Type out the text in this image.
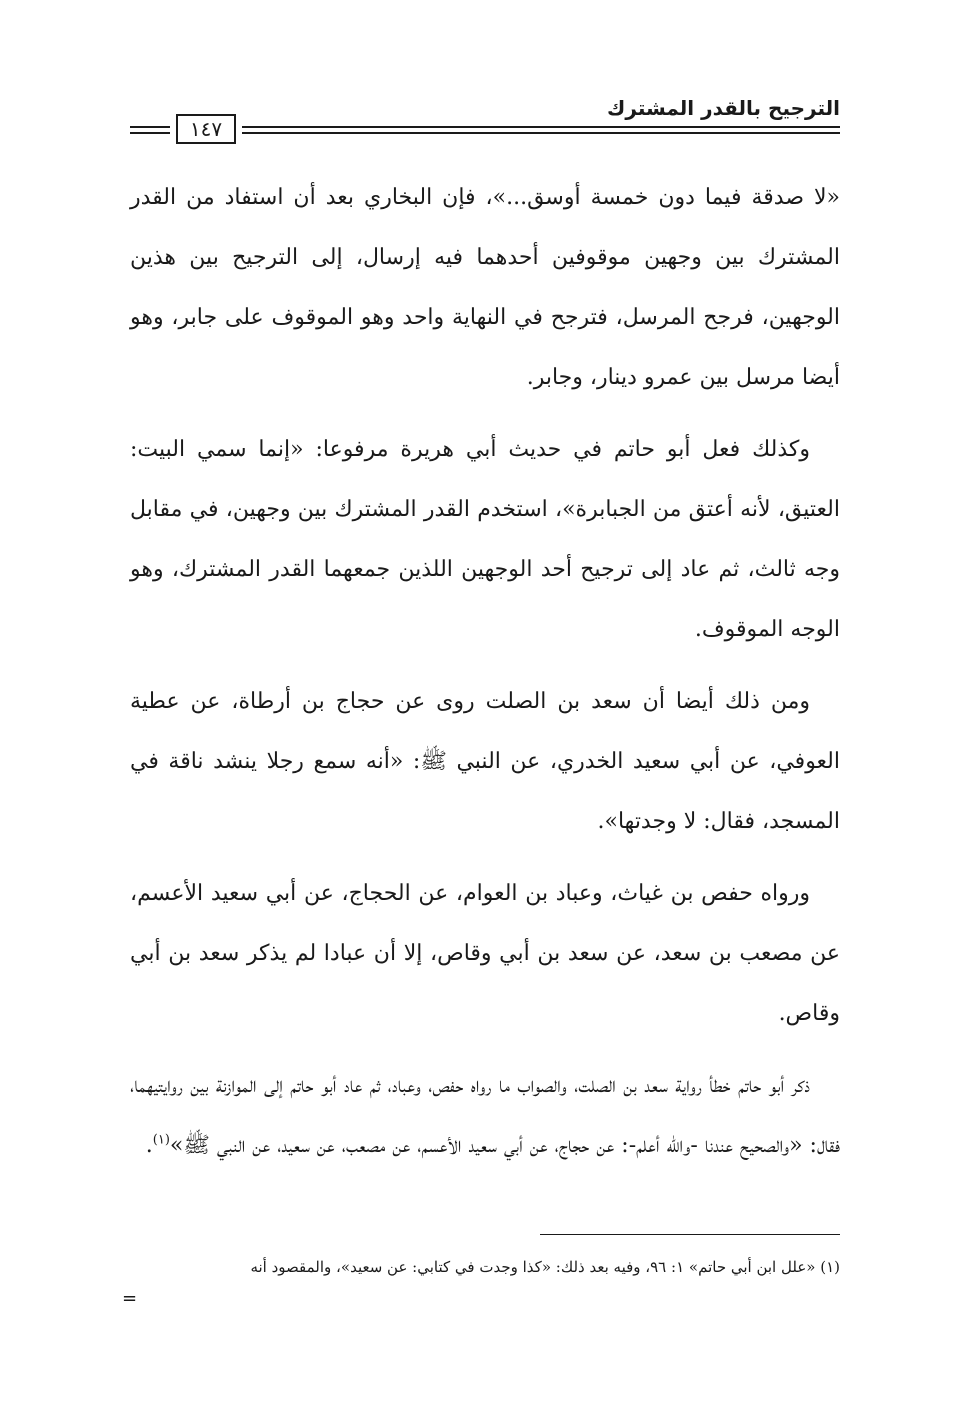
الترجيح بالقدر المشترك
١٤٧

«لا صدقة فيما دون خمسة أوسق...»، فإن البخاري بعد أن استفاد من القدر المشترك بين وجهين موقوفين أحدهما فيه إرسال، إلى الترجيح بين هذين الوجهين، فرجح المرسل، فترجح في النهاية واحد وهو الموقوف على جابر، وهو أيضا مرسل بين عمرو دينار، وجابر.

وكذلك فعل أبو حاتم في حديث أبي هريرة مرفوعا: «إنما سمي البيت: العتيق، لأنه أعتق من الجبابرة»، استخدم القدر المشترك بين وجهين، في مقابل وجه ثالث، ثم عاد إلى ترجيح أحد الوجهين اللذين جمعهما القدر المشترك، وهو الوجه الموقوف.

ومن ذلك أيضا أن سعد بن الصلت روى عن حجاج بن أرطاة، عن عطية العوفي، عن أبي سعيد الخدري، عن النبي ﷺ: «أنه سمع رجلا ينشد ناقة في المسجد، فقال: لا وجدتها».

ورواه حفص بن غياث، وعباد بن العوام، عن الحجاج، عن أبي سعيد الأعسم، عن مصعب بن سعد، عن سعد بن أبي وقاص، إلا أن عبادا لم يذكر سعد بن أبي وقاص.

ذكر أبو حاتم خطأ رواية سعد بن الصلت، والصواب ما رواه حفص، وعباد، ثم عاد أبو حاتم إلى الموازنة بين روايتيهما، فقال: «والصحيح عندنا -والله أعلم-: عن حجاج، عن أبي سعيد الأعسم، عن مصعب، عن سعيد، عن النبي ﷺ»$^{(١)}$.

(١) «علل ابن أبي حاتم» ١: ٩٦، وفيه بعد ذلك: «كذا وجدت في كتابي: عن سعيد»، والمقصود أنه
=
